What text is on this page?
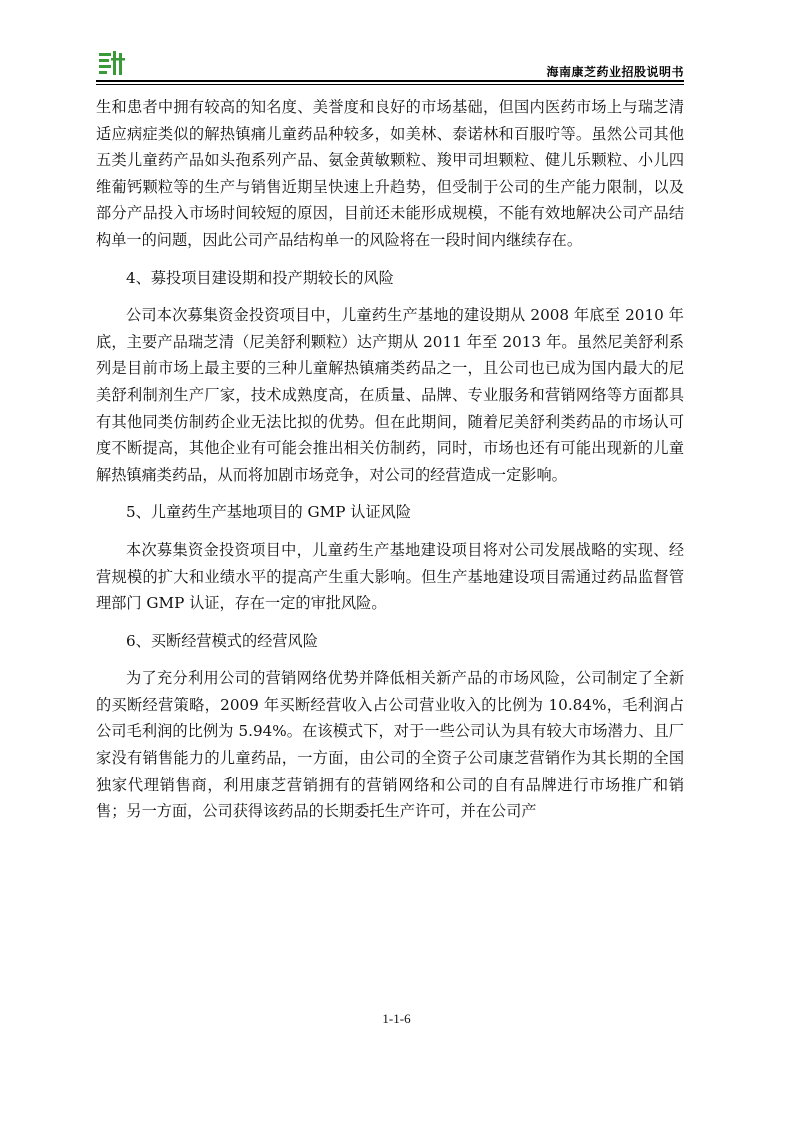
海南康芝药业招股说明书

生和患者中拥有较高的知名度、美誉度和良好的市场基础，但国内医药市场上与瑞芝清适应病症类似的解热镇痛儿童药品种较多，如美林、泰诺林和百服咛等。虽然公司其他五类儿童药产品如头孢系列产品、氨金黄敏颗粒、羧甲司坦颗粒、健儿乐颗粒、小儿四维葡钙颗粒等的生产与销售近期呈快速上升趋势，但受制于公司的生产能力限制，以及部分产品投入市场时间较短的原因，目前还未能形成规模，不能有效地解决公司产品结构单一的问题，因此公司产品结构单一的风险将在一段时间内继续存在。

4、募投项目建设期和投产期较长的风险

公司本次募集资金投资项目中，儿童药生产基地的建设期从 2008 年底至 2010 年底，主要产品瑞芝清（尼美舒利颗粒）达产期从 2011 年至 2013 年。虽然尼美舒利系列是目前市场上最主要的三种儿童解热镇痛类药品之一，且公司也已成为国内最大的尼美舒利制剂生产厂家，技术成熟度高，在质量、品牌、专业服务和营销网络等方面都具有其他同类仿制药企业无法比拟的优势。但在此期间，随着尼美舒利类药品的市场认可度不断提高，其他企业有可能会推出相关仿制药，同时，市场也还有可能出现新的儿童解热镇痛类药品，从而将加剧市场竞争，对公司的经营造成一定影响。

5、儿童药生产基地项目的 GMP 认证风险

本次募集资金投资项目中，儿童药生产基地建设项目将对公司发展战略的实现、经营规模的扩大和业绩水平的提高产生重大影响。但生产基地建设项目需通过药品监督管理部门 GMP 认证，存在一定的审批风险。

6、买断经营模式的经营风险

为了充分利用公司的营销网络优势并降低相关新产品的市场风险，公司制定了全新的买断经营策略，2009 年买断经营收入占公司营业收入的比例为 10.84%，毛利润占公司毛利润的比例为 5.94%。在该模式下，对于一些公司认为具有较大市场潜力、且厂家没有销售能力的儿童药品，一方面，由公司的全资子公司康芝营销作为其长期的全国独家代理销售商，利用康芝营销拥有的营销网络和公司的自有品牌进行市场推广和销售；另一方面，公司获得该药品的长期委托生产许可，并在公司产

1-1-6
